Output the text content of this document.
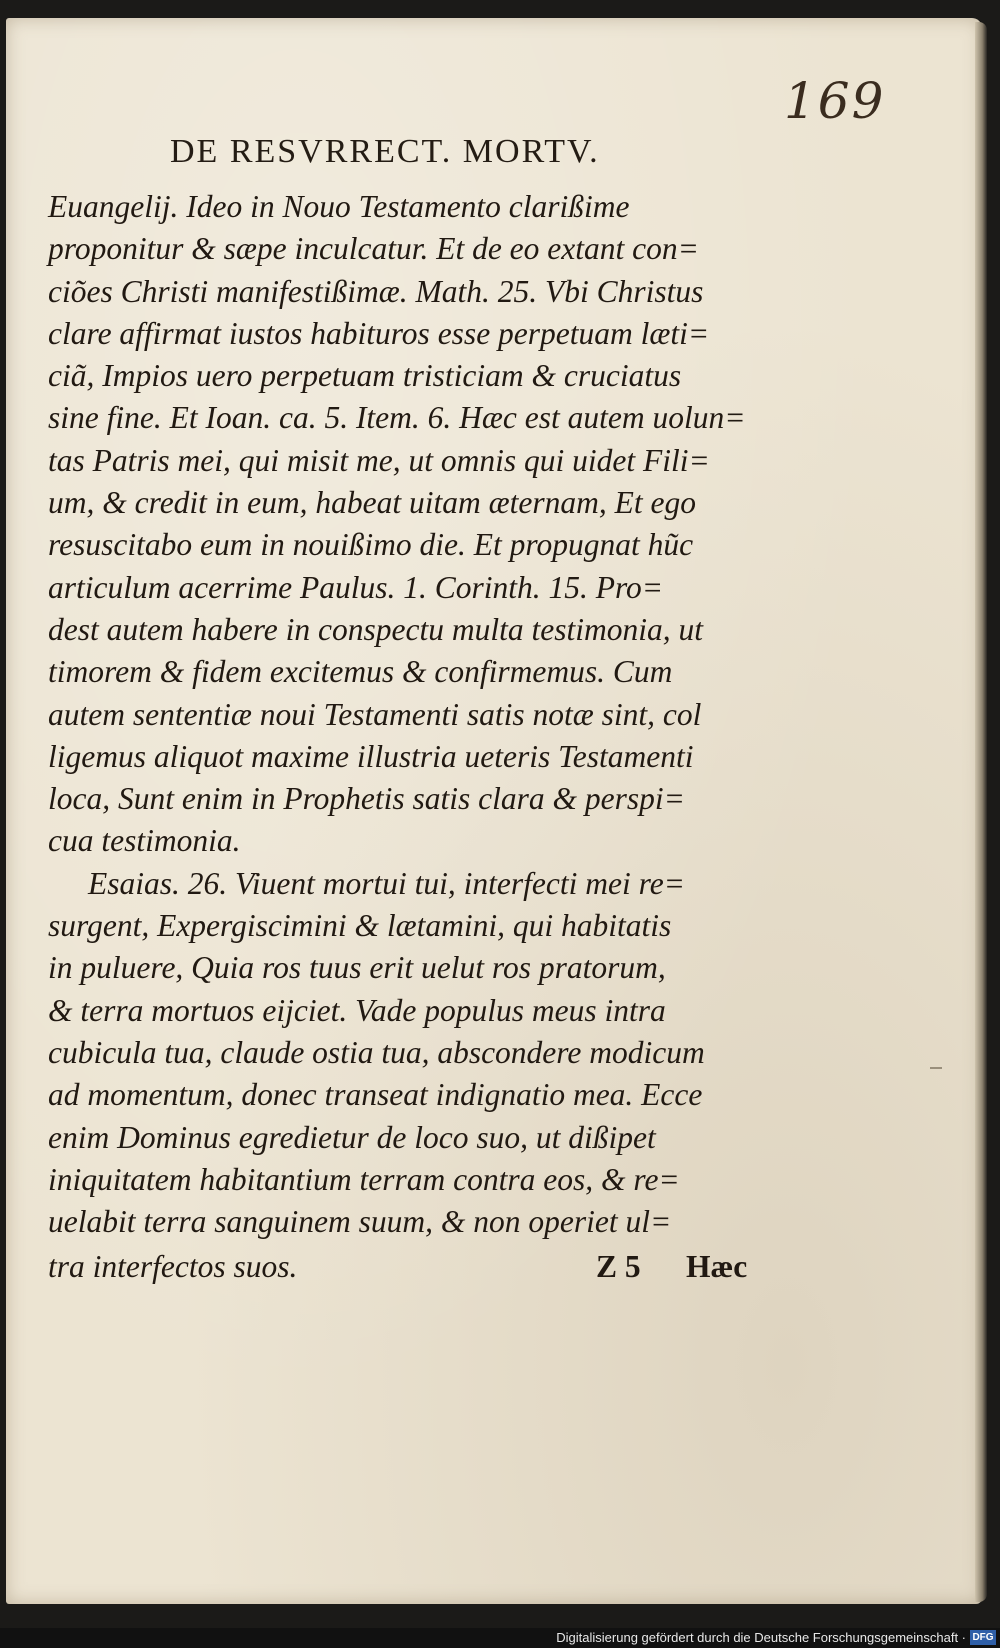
169
DE RESVRRECT. MORTV.
Euangelij. Ideo in Nouo Testamento clarißime
proponitur & sæpe inculcatur. Et de eo extant con=
ciões Christi manifestißimæ. Math. 25. Vbi Christus
clare affirmat iustos habituros esse perpetuam læti=
ciã, Impios uero perpetuam tristiciam & cruciatus
sine fine. Et Ioan. ca. 5. Item. 6. Hæc est autem uolun=
tas Patris mei, qui misit me, ut omnis qui uidet Fili=
um, & credit in eum, habeat uitam æternam, Et ego
resuscitabo eum in nouißimo die. Et propugnat hũc
articulum acerrime Paulus. 1. Corinth. 15. Pro=
dest autem habere in conspectu multa testimonia, ut
timorem & fidem excitemus & confirmemus. Cum
autem sententiæ noui Testamenti satis notæ sint, col
ligemus aliquot maxime illustria ueteris Testamenti
loca, Sunt enim in Prophetis satis clara & perspi=
cua testimonia.
Esaias. 26. Viuent mortui tui, interfecti mei re=
surgent, Expergiscimini & lætamini, qui habitatis
in puluere, Quia ros tuus erit uelut ros pratorum,
& terra mortuos eijciet. Vade populus meus intra
cubicula tua, claude ostia tua, abscondere modicum
ad momentum, donec transeat indignatio mea. Ecce
enim Dominus egredietur de loco suo, ut dißipet
iniquitatem habitantium terram contra eos, & re=
uelabit terra sanguinem suum, & non operiet ul=
tra interfectos suos.	Z 5 Hæc
Digitalisierung gefördert durch die Deutsche Forschungsgemeinschaft · DFG
